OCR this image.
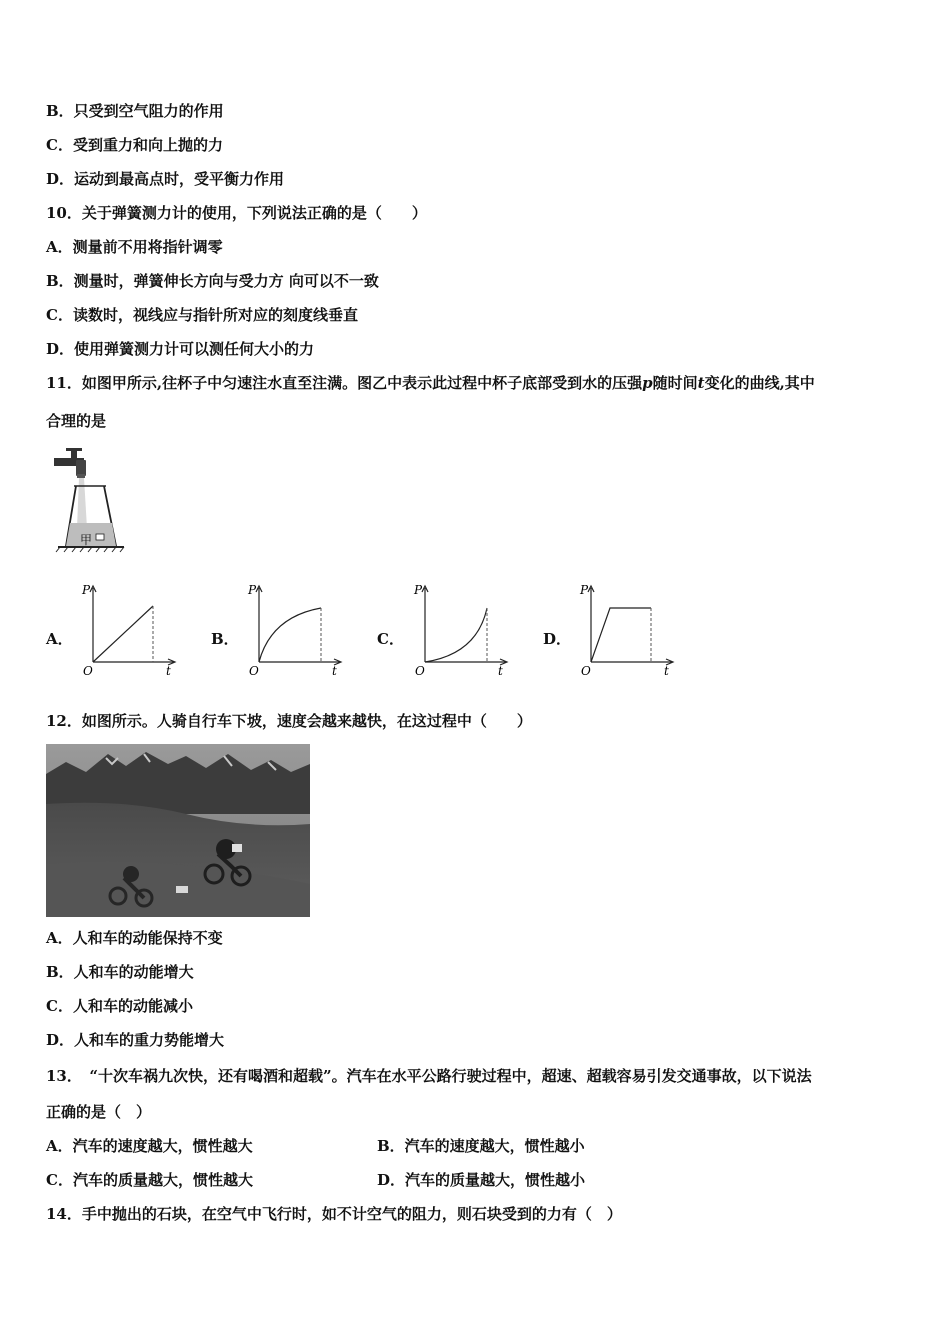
B．只受到空气阻力的作用
C．受到重力和向上抛的力
D．运动到最高点时，受平衡力作用
10．关于弹簧测力计的使用，下列说法正确的是（　　）
A．测量前不用将指针调零
B．测量时，弹簧伸长方向与受力方 向可以不一致
C．读数时，视线应与指针所对应的刻度线垂直
D．使用弹簧测力计可以测任何大小的力
11．如图甲所示,往杯子中匀速注水直至注满。图乙中表示此过程中杯子底部受到水的压强p随时间t变化的曲线,其中
合理的是
甲
A．	B．	C．	D．
P
O	t
P
O	t
P
O	t
P
O	t
12．如图所示。人骑自行车下坡，速度会越来越快，在这过程中（　　）
A．人和车的动能保持不变
B．人和车的动能增大
C．人和车的动能减小
D．人和车的重力势能增大
13．　“十次车祸九次快，还有喝酒和超载”。汽车在水平公路行驶过程中，超速、超载容易引发交通事故，以下说法
正确的是（　）
A．汽车的速度越大，惯性越大	B．汽车的速度越大，惯性越小
C．汽车的质量越大，惯性越大	D．汽车的质量越大，惯性越小
14．手中抛出的石块，在空气中飞行时，如不计空气的阻力，则石块受到的力有（　）
